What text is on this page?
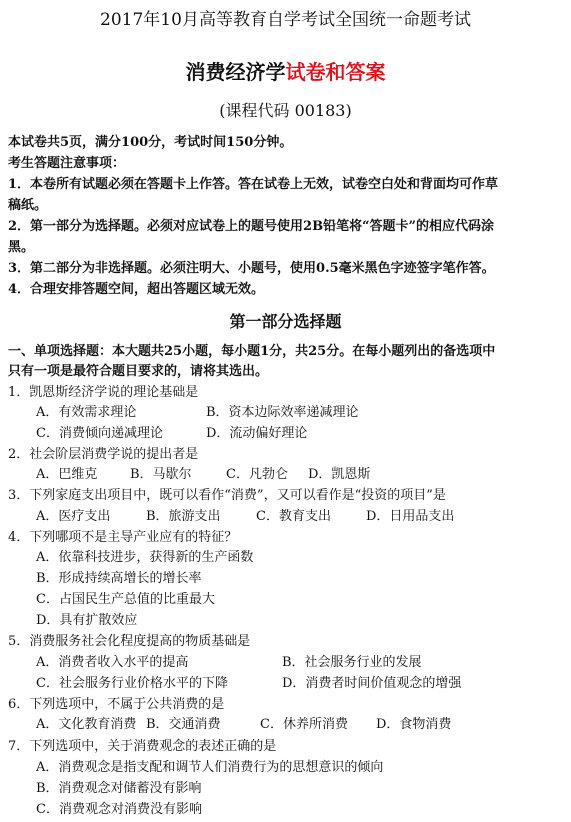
2017年10月高等教育自学考试全国统一命题考试
消费经济学试卷和答案
(课程代码 00183)
本试卷共5页，满分100分，考试时间150分钟。
考生答题注意事项：
1．本卷所有试题必须在答题卡上作答。答在试卷上无效，试卷空白处和背面均可作草
稿纸。
2．第一部分为选择题。必须对应试卷上的题号使用2B铅笔将“答题卡”的相应代码涂
黑。
3．第二部分为非选择题。必须注明大、小题号，使用0.5毫米黑色字迹签字笔作答。
4．合理安排答题空间，超出答题区域无效。
第一部分选择题
一、单项选择题：本大题共25小题，每小题1分，共25分。在每小题列出的备选项中
只有一项是最符合题目要求的，请将其选出。
1．凯恩斯经济学说的理论基础是
A．有效需求理论	B．资本边际效率递减理论
C．消费倾向递减理论	D．流动偏好理论
2．社会阶层消费学说的提出者是
A．巴维克	B．马歇尔	C．凡勃仑 D．凯恩斯
3．下列家庭支出项目中，既可以看作“消费”，又可以看作是“投资的项目”是
A．医疗支出	B．旅游支出	C．教育支出	D．日用品支出
4．下列哪项不是主导产业应有的特征？
A．依靠科技进步，获得新的生产函数
B．形成持续高增长的增长率
C．占国民生产总值的比重最大
D．具有扩散效应
5．消费服务社会化程度提高的物质基础是
A．消费者收入水平的提高	B．社会服务行业的发展
C．社会服务行业价格水平的下降	D．消费者时间价值观念的增强
6．下列选项中，不属于公共消费的是
A．文化教育消费 B．交通消费	C．休养所消费 D．食物消费
7．下列选项中，关于消费观念的表述正确的是
A．消费观念是指支配和调节人们消费行为的思想意识的倾向
B．消费观念对储蓄没有影响
C．消费观念对消费没有影响
